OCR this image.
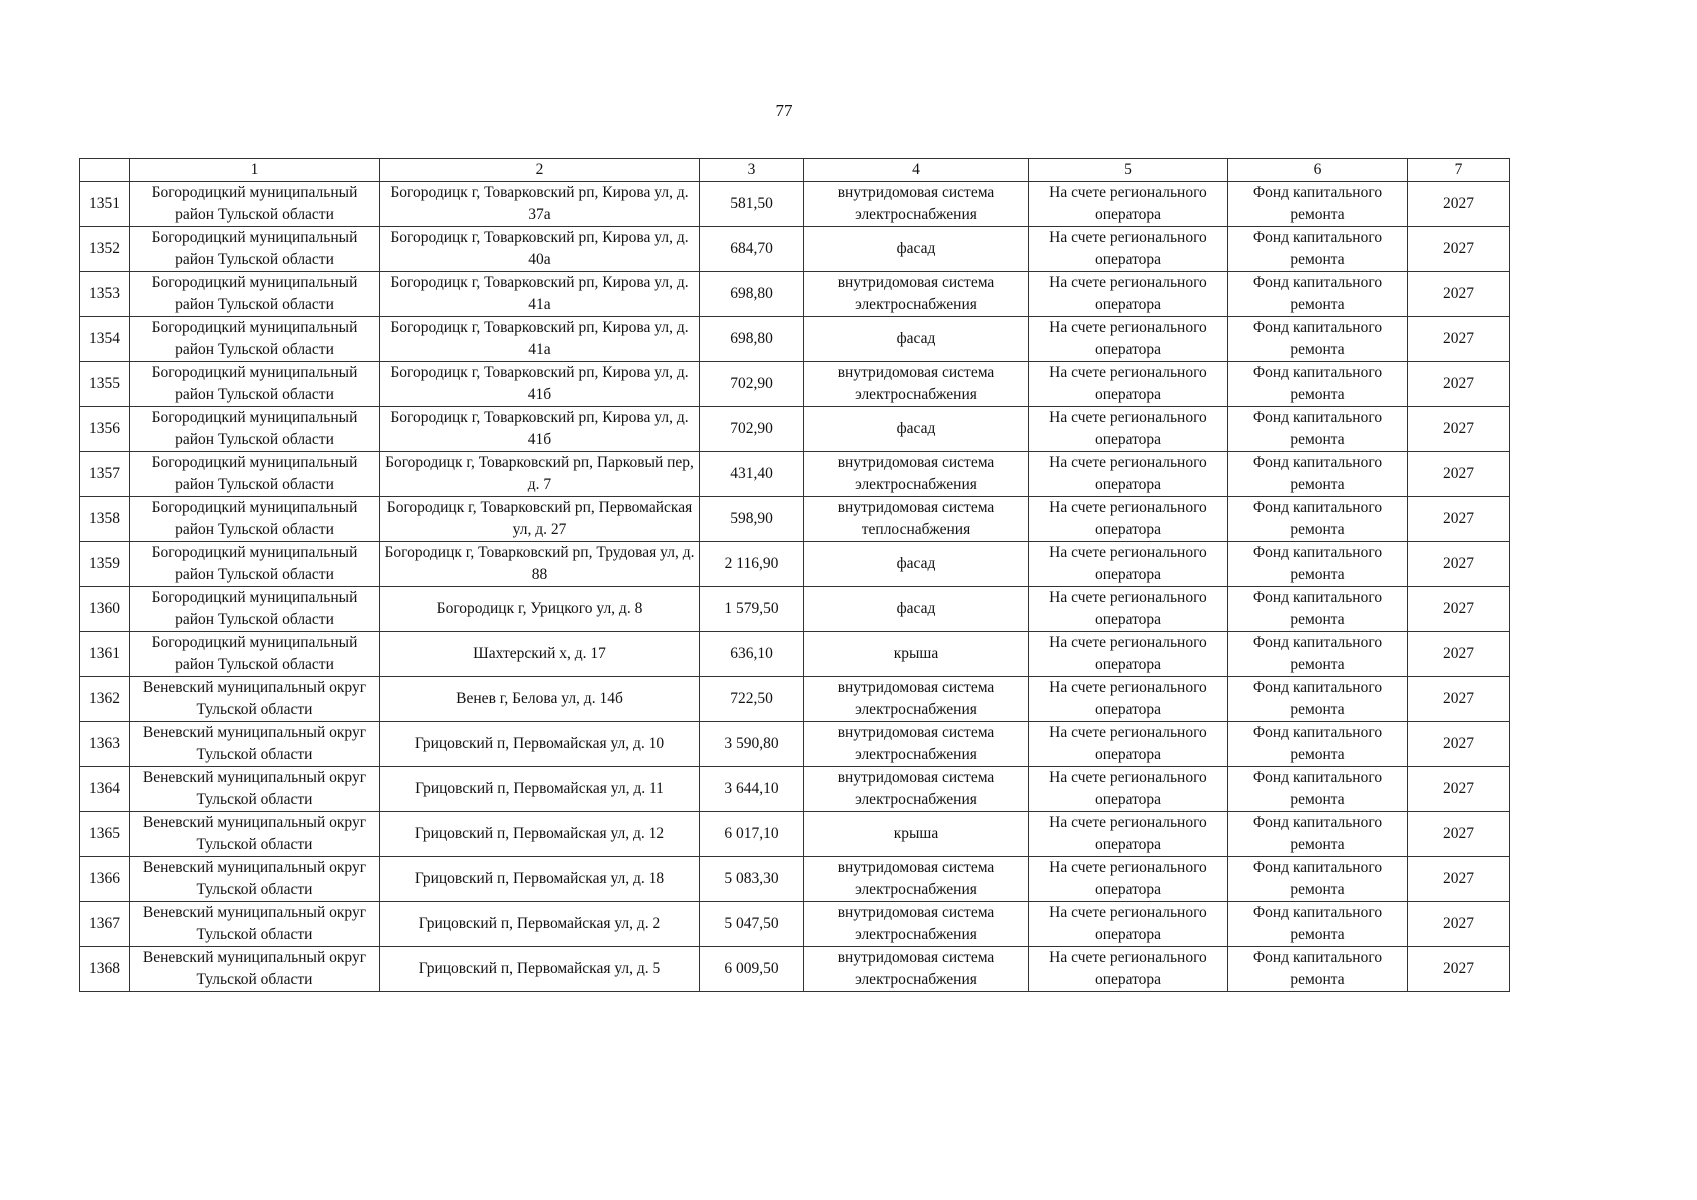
77
	1	2	3	4	5	6	7
1351	Богородицкий муниципальный район Тульской области	Богородицк г, Товарковский рп, Кирова ул, д. 37а	581,50	внутридомовая система электроснабжения	На счете регионального оператора	Фонд капитального ремонта	2027
1352	Богородицкий муниципальный район Тульской области	Богородицк г, Товарковский рп, Кирова ул, д. 40а	684,70	фасад	На счете регионального оператора	Фонд капитального ремонта	2027
1353	Богородицкий муниципальный район Тульской области	Богородицк г, Товарковский рп, Кирова ул, д. 41а	698,80	внутридомовая система электроснабжения	На счете регионального оператора	Фонд капитального ремонта	2027
1354	Богородицкий муниципальный район Тульской области	Богородицк г, Товарковский рп, Кирова ул, д. 41а	698,80	фасад	На счете регионального оператора	Фонд капитального ремонта	2027
1355	Богородицкий муниципальный район Тульской области	Богородицк г, Товарковский рп, Кирова ул, д. 41б	702,90	внутридомовая система электроснабжения	На счете регионального оператора	Фонд капитального ремонта	2027
1356	Богородицкий муниципальный район Тульской области	Богородицк г, Товарковский рп, Кирова ул, д. 41б	702,90	фасад	На счете регионального оператора	Фонд капитального ремонта	2027
1357	Богородицкий муниципальный район Тульской области	Богородицк г, Товарковский рп, Парковый пер, д. 7	431,40	внутридомовая система электроснабжения	На счете регионального оператора	Фонд капитального ремонта	2027
1358	Богородицкий муниципальный район Тульской области	Богородицк г, Товарковский рп, Первомайская ул, д. 27	598,90	внутридомовая система теплоснабжения	На счете регионального оператора	Фонд капитального ремонта	2027
1359	Богородицкий муниципальный район Тульской области	Богородицк г, Товарковский рп, Трудовая ул, д. 88	2 116,90	фасад	На счете регионального оператора	Фонд капитального ремонта	2027
1360	Богородицкий муниципальный район Тульской области	Богородицк г, Урицкого ул, д. 8	1 579,50	фасад	На счете регионального оператора	Фонд капитального ремонта	2027
1361	Богородицкий муниципальный район Тульской области	Шахтерский х, д. 17	636,10	крыша	На счете регионального оператора	Фонд капитального ремонта	2027
1362	Веневский муниципальный округ Тульской области	Венев г, Белова ул, д. 14б	722,50	внутридомовая система электроснабжения	На счете регионального оператора	Фонд капитального ремонта	2027
1363	Веневский муниципальный округ Тульской области	Грицовский п, Первомайская ул, д. 10	3 590,80	внутридомовая система электроснабжения	На счете регионального оператора	Фонд капитального ремонта	2027
1364	Веневский муниципальный округ Тульской области	Грицовский п, Первомайская ул, д. 11	3 644,10	внутридомовая система электроснабжения	На счете регионального оператора	Фонд капитального ремонта	2027
1365	Веневский муниципальный округ Тульской области	Грицовский п, Первомайская ул, д. 12	6 017,10	крыша	На счете регионального оператора	Фонд капитального ремонта	2027
1366	Веневский муниципальный округ Тульской области	Грицовский п, Первомайская ул, д. 18	5 083,30	внутридомовая система электроснабжения	На счете регионального оператора	Фонд капитального ремонта	2027
1367	Веневский муниципальный округ Тульской области	Грицовский п, Первомайская ул, д. 2	5 047,50	внутридомовая система электроснабжения	На счете регионального оператора	Фонд капитального ремонта	2027
1368	Веневский муниципальный округ Тульской области	Грицовский п, Первомайская ул, д. 5	6 009,50	внутридомовая система электроснабжения	На счете регионального оператора	Фонд капитального ремонта	2027
